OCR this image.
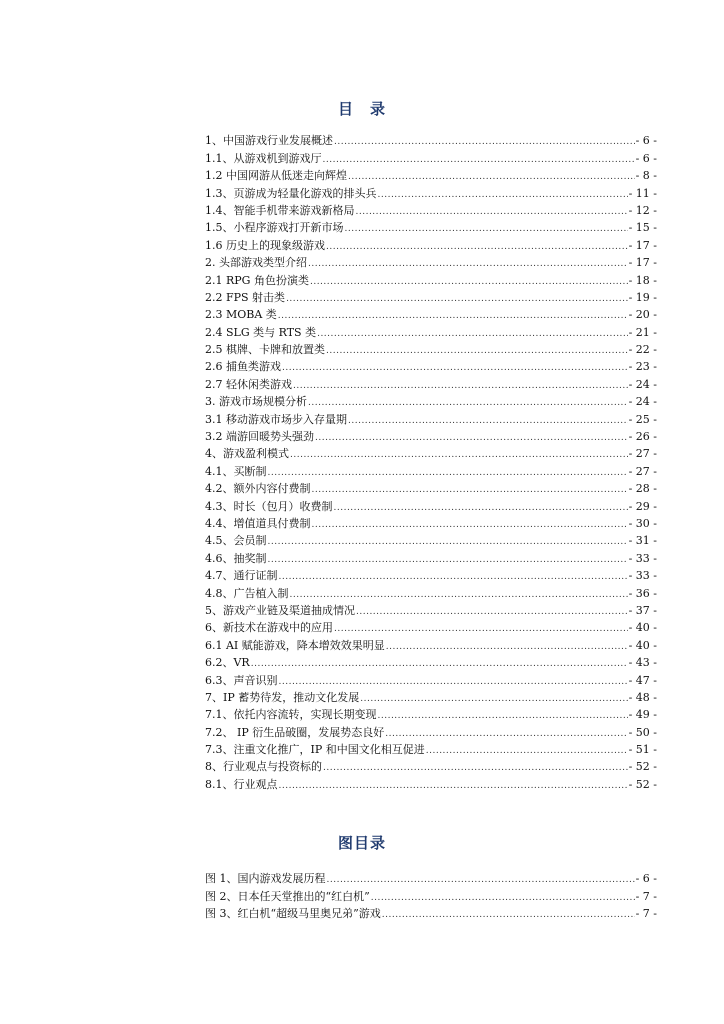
目　录
1、中国游戏行业发展概述 .....	- 6 -
1.1、从游戏机到游戏厅 .....	- 6 -
1.2 中国网游从低迷走向辉煌 .....	- 8 -
1.3、页游成为轻量化游戏的排头兵 .....	- 11 -
1.4、智能手机带来游戏新格局 .....	- 12 -
1.5、小程序游戏打开新市场 .....	- 15 -
1.6 历史上的现象级游戏 .....	- 17 -
2. 头部游戏类型介绍 .....	- 17 -
2.1 RPG 角色扮演类 .....	- 18 -
2.2 FPS 射击类 .....	- 19 -
2.3 MOBA 类 .....	- 20 -
2.4 SLG 类与 RTS 类 .....	- 21 -
2.5 棋牌、卡牌和放置类 .....	- 22 -
2.6 捕鱼类游戏 .....	- 23 -
2.7 轻休闲类游戏 .....	- 24 -
3. 游戏市场规模分析 .....	- 24 -
3.1 移动游戏市场步入存量期 .....	- 25 -
3.2 端游回暖势头强劲 .....	- 26 -
4、游戏盈利模式 .....	- 27 -
4.1、买断制 .....	- 27 -
4.2、额外内容付费制 .....	- 28 -
4.3、时长（包月）收费制 .....	- 29 -
4.4、增值道具付费制 .....	- 30 -
4.5、会员制 .....	- 31 -
4.6、抽奖制 .....	- 33 -
4.7、通行证制 .....	- 33 -
4.8、广告植入制 .....	- 36 -
5、游戏产业链及渠道抽成情况 .....	- 37 -
6、新技术在游戏中的应用 .....	- 40 -
6.1 AI 赋能游戏，降本增效效果明显 .....	- 40 -
6.2、VR .....	- 43 -
6.3、声音识别 .....	- 47 -
7、IP 蓄势待发，推动文化发展 .....	- 48 -
7.1、依托内容流转，实现长期变现 .....	- 49 -
7.2、 IP 衍生品破圈，发展势态良好 .....	- 50 -
7.3、注重文化推广，IP 和中国文化相互促进 .....	- 51 -
8、行业观点与投资标的 .....	- 52 -
8.1、行业观点 .....	- 52 -
图目录
图 1、国内游戏发展历程 .....	- 6 -
图 2、日本任天堂推出的“红白机” .....	- 7 -
图 3、红白机“超级马里奥兄弟”游戏 .....	- 7 -
